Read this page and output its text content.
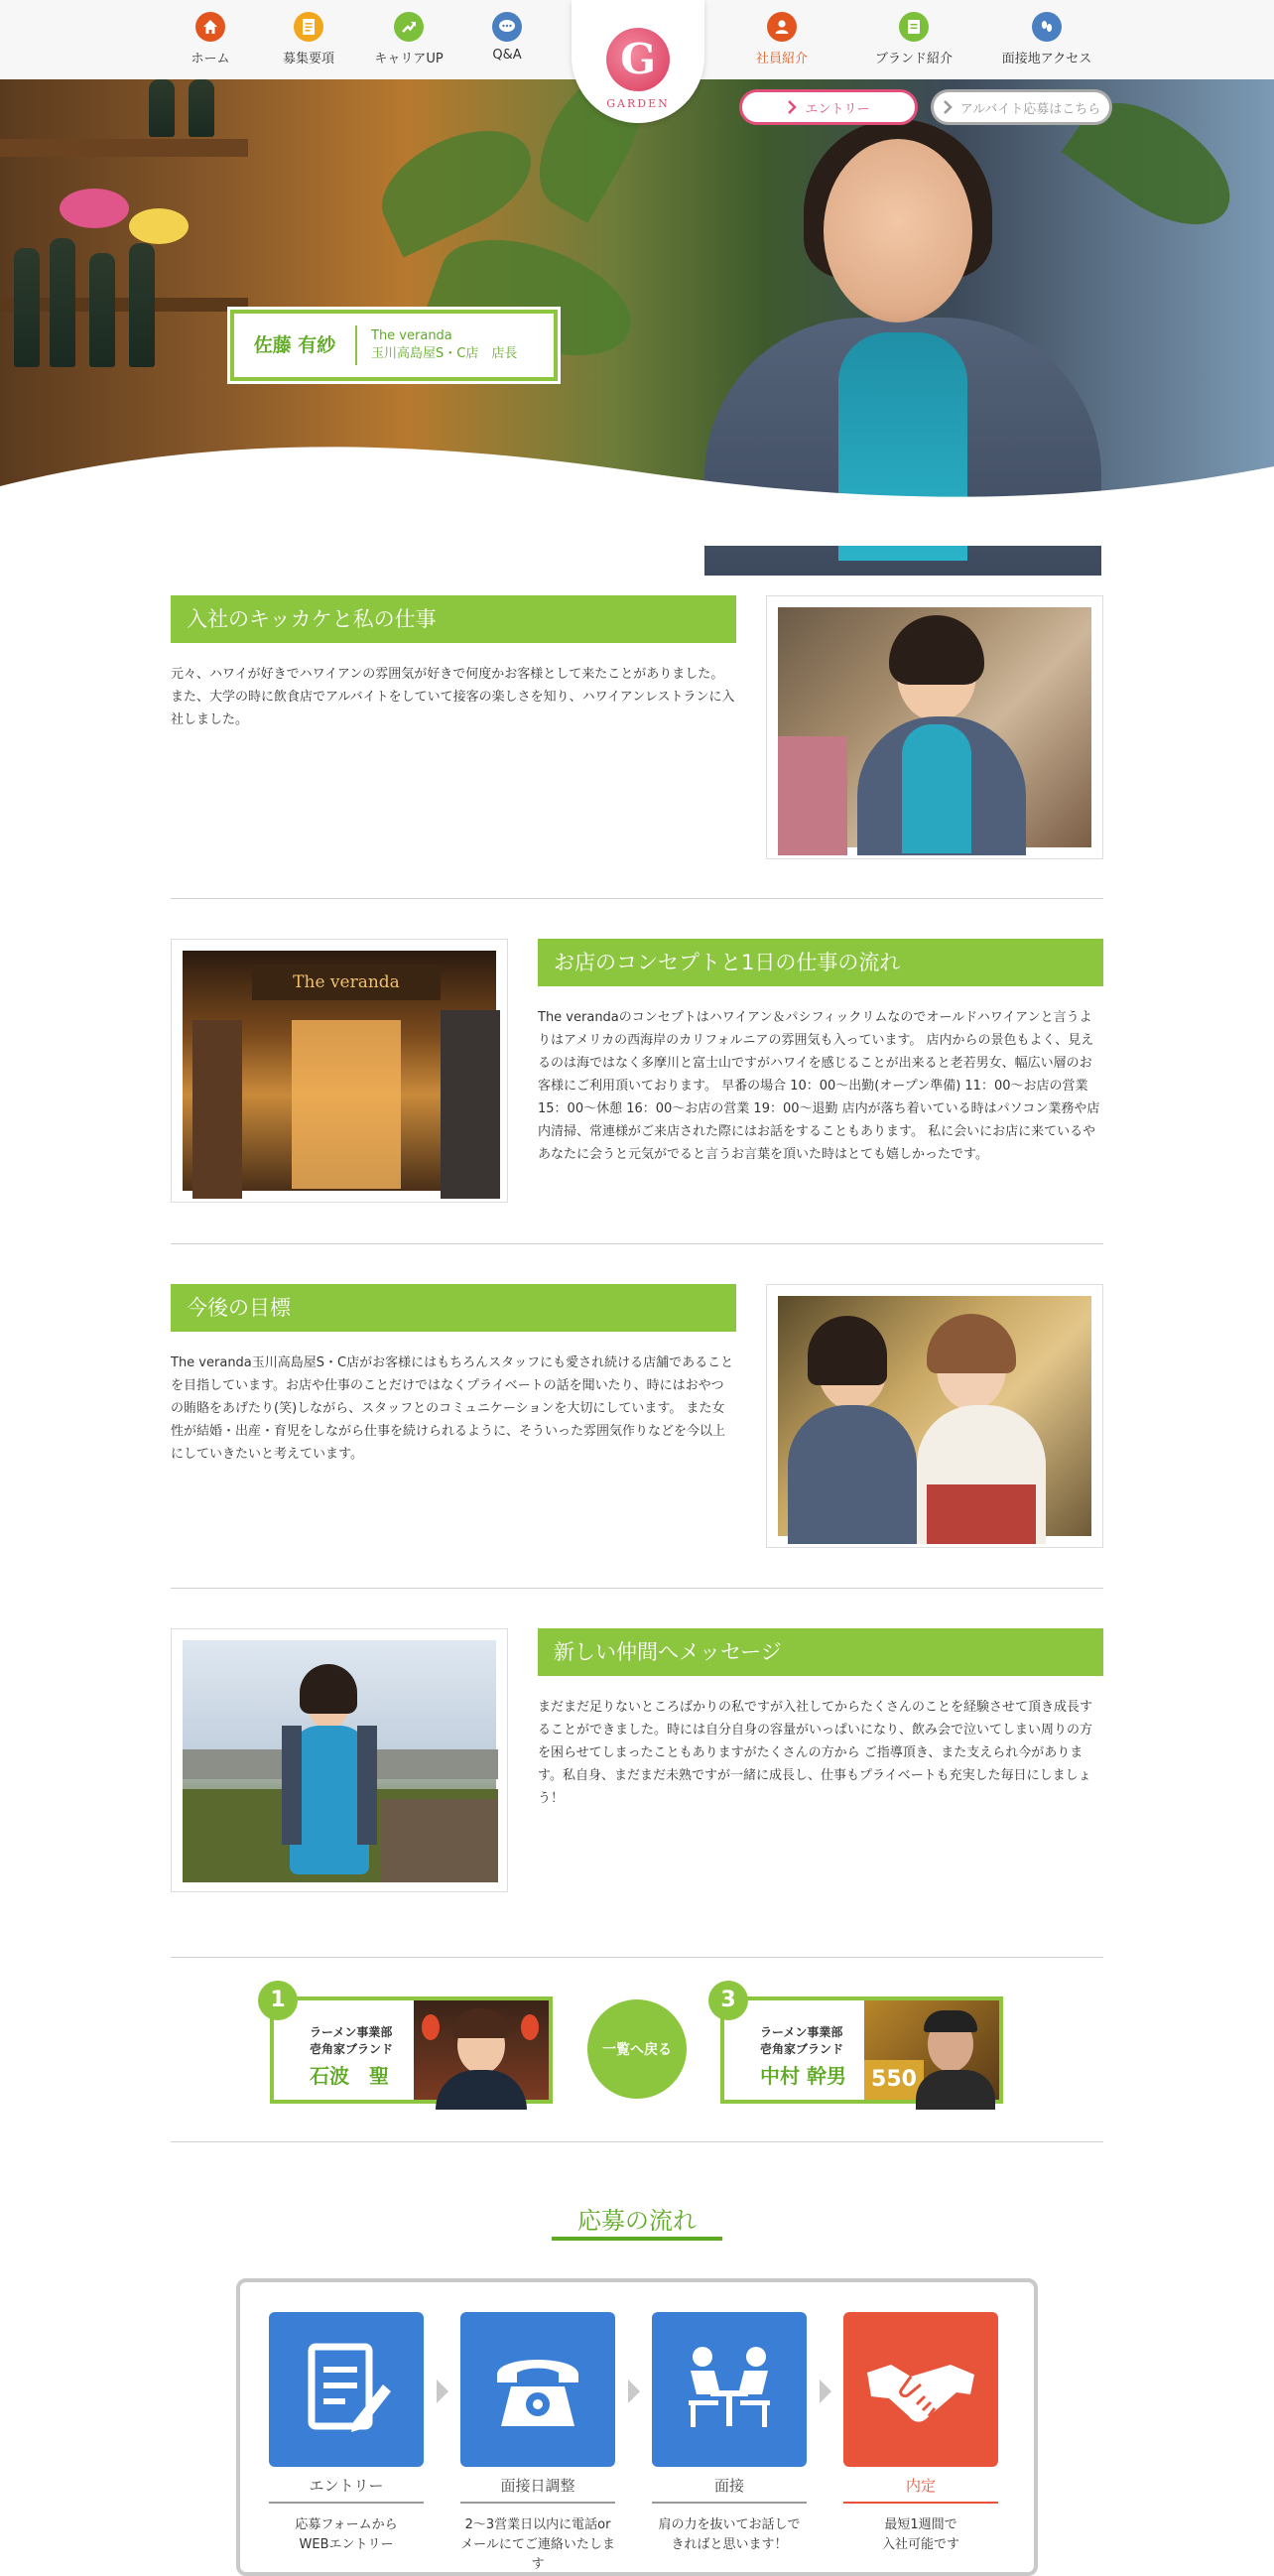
ホーム	募集要項	キャリアUP	Q&A	社員紹介	ブランド紹介	面接地アクセス
G
GARDEN	エントリー	アルバイト応募はこちら
佐藤 有紗	The veranda
玉川高島屋S・C店　店長
入社のキッカケと私の仕事
元々、ハワイが好きでハワイアンの雰囲気が好きで何度かお客様として来たことがありました。また、大学の時に飲食店でアルバイトをしていて接客の楽しさを知り、ハワイアンレストランに入社しました。
The veranda
お店のコンセプトと1日の仕事の流れ
The verandaのコンセプトはハワイアン＆パシフィックリムなのでオールドハワイアンと言うよりはアメリカの西海岸のカリフォルニアの雰囲気も入っています。 店内からの景色もよく、見えるのは海ではなく多摩川と富士山ですがハワイを感じることが出来ると老若男女、幅広い層のお客様にご利用頂いております。 早番の場合 10：00～出勤(オープン準備) 11：00～お店の営業 15：00～休憩 16：00～お店の営業 19：00～退勤 店内が落ち着いている時はパソコン業務や店内清掃、常連様がご来店された際にはお話をすることもあります。 私に会いにお店に来ているやあなたに会うと元気がでると言うお言葉を頂いた時はとても嬉しかったです。
今後の目標
The veranda玉川高島屋S・C店がお客様にはもちろんスタッフにも愛され続ける店舗であることを目指しています。お店や仕事のことだけではなくプライベートの話を聞いたり、時にはおやつの賄賂をあげたり(笑)しながら、スタッフとのコミュニケーションを大切にしています。 また女性が結婚・出産・育児をしながら仕事を続けられるように、そういった雰囲気作りなどを今以上にしていきたいと考えています。
新しい仲間へメッセージ
まだまだ足りないところばかりの私ですが入社してからたくさんのことを経験させて頂き成長することができました。時には自分自身の容量がいっぱいになり、飲み会で泣いてしまい周りの方を困らせてしまったこともありますがたくさんの方から ご指導頂き、また支えられ今があります。私自身、まだまだ未熟ですが一緒に成長し、仕事もプライベートも充実した毎日にしましょう！
1
ラーメン事業部
壱角家ブランド
石波　聖
一覧へ戻る
3
ラーメン事業部
壱角家ブランド
中村 幹男	550
応募の流れ
エントリー
応募フォームから
WEBエントリー
面接日調整
2～3営業日以内に電話or
メールにてご連絡いたします
面接
肩の力を抜いてお話しで
きればと思います！
内定
最短1週間で
入社可能です
